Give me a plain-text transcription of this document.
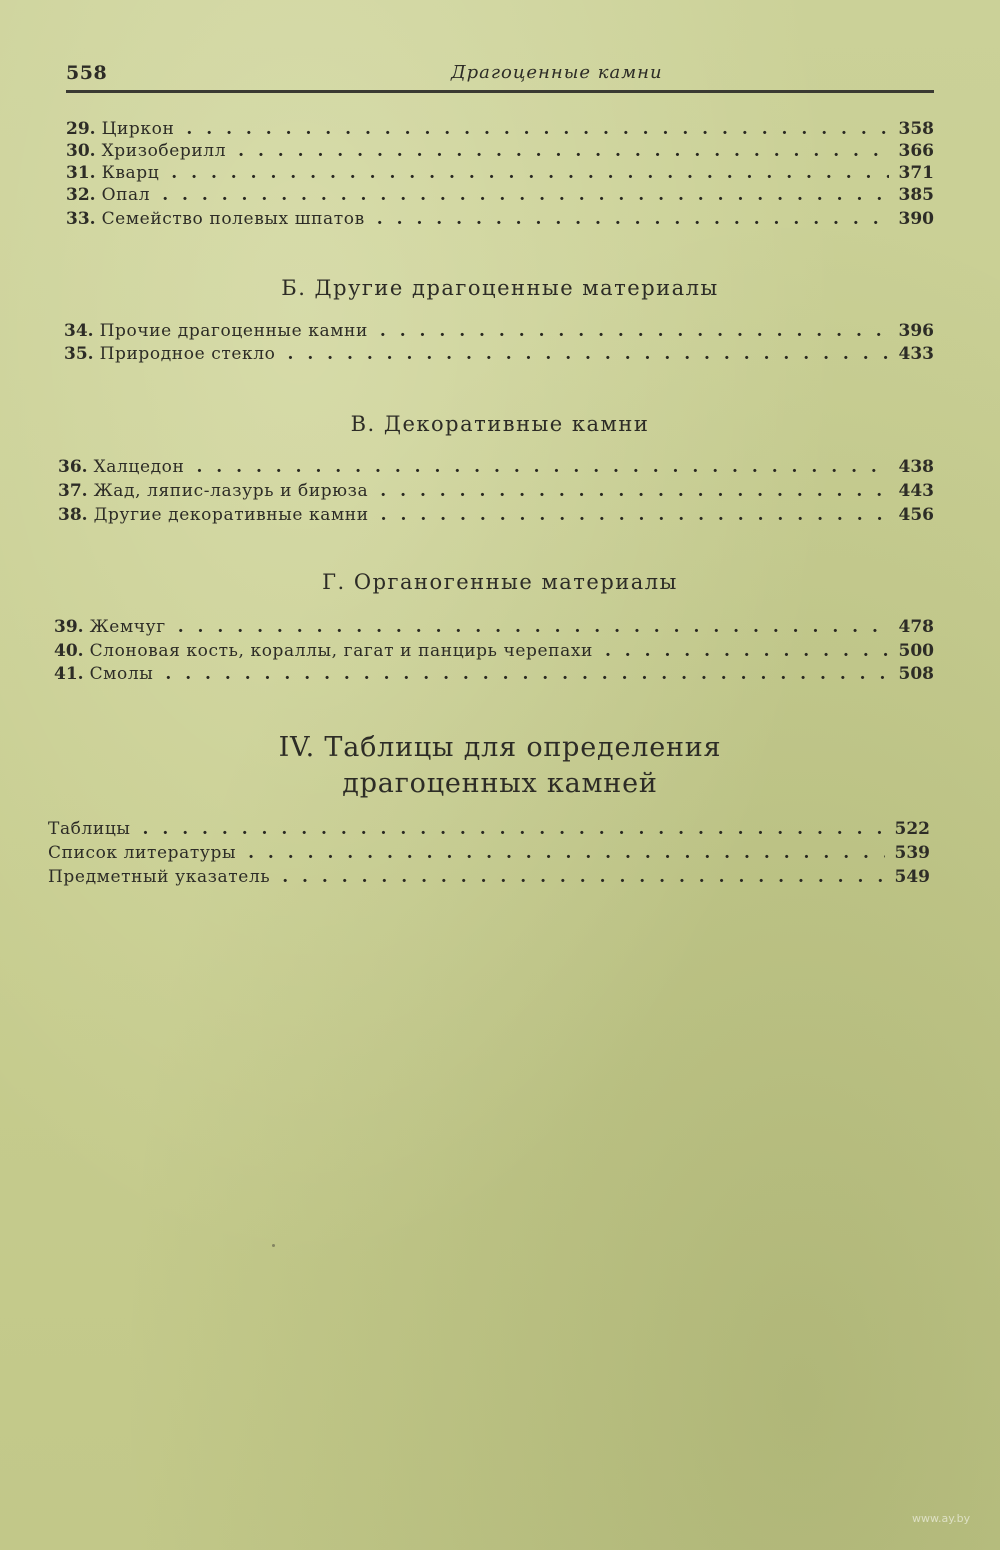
558	Драгоценные камни
29. Циркон . . .	358
30. Хризоберилл . . .	366
31. Кварц . . .	371
32. Опал . . .	385
33. Семейство полевых шпатов . . .	390
Б. Другие драгоценные материалы
34. Прочие драгоценные камни . . .	396
35. Природное стекло . . .	433
В. Декоративные камни
36. Халцедон . . .	438
37. Жад, ляпис-лазурь и бирюза . . .	443
38. Другие декоративные камни . . .	456
Г. Органогенные материалы
39. Жемчуг . . .	478
40. Слоновая кость, кораллы, гагат и панцирь черепахи . . .	500
41. Смолы . . .	508
IV. Таблицы для определения
драгоценных камней
Таблицы . . .	522
Список литературы . . .	539
Предметный указатель . . .	549
www.ay.by
